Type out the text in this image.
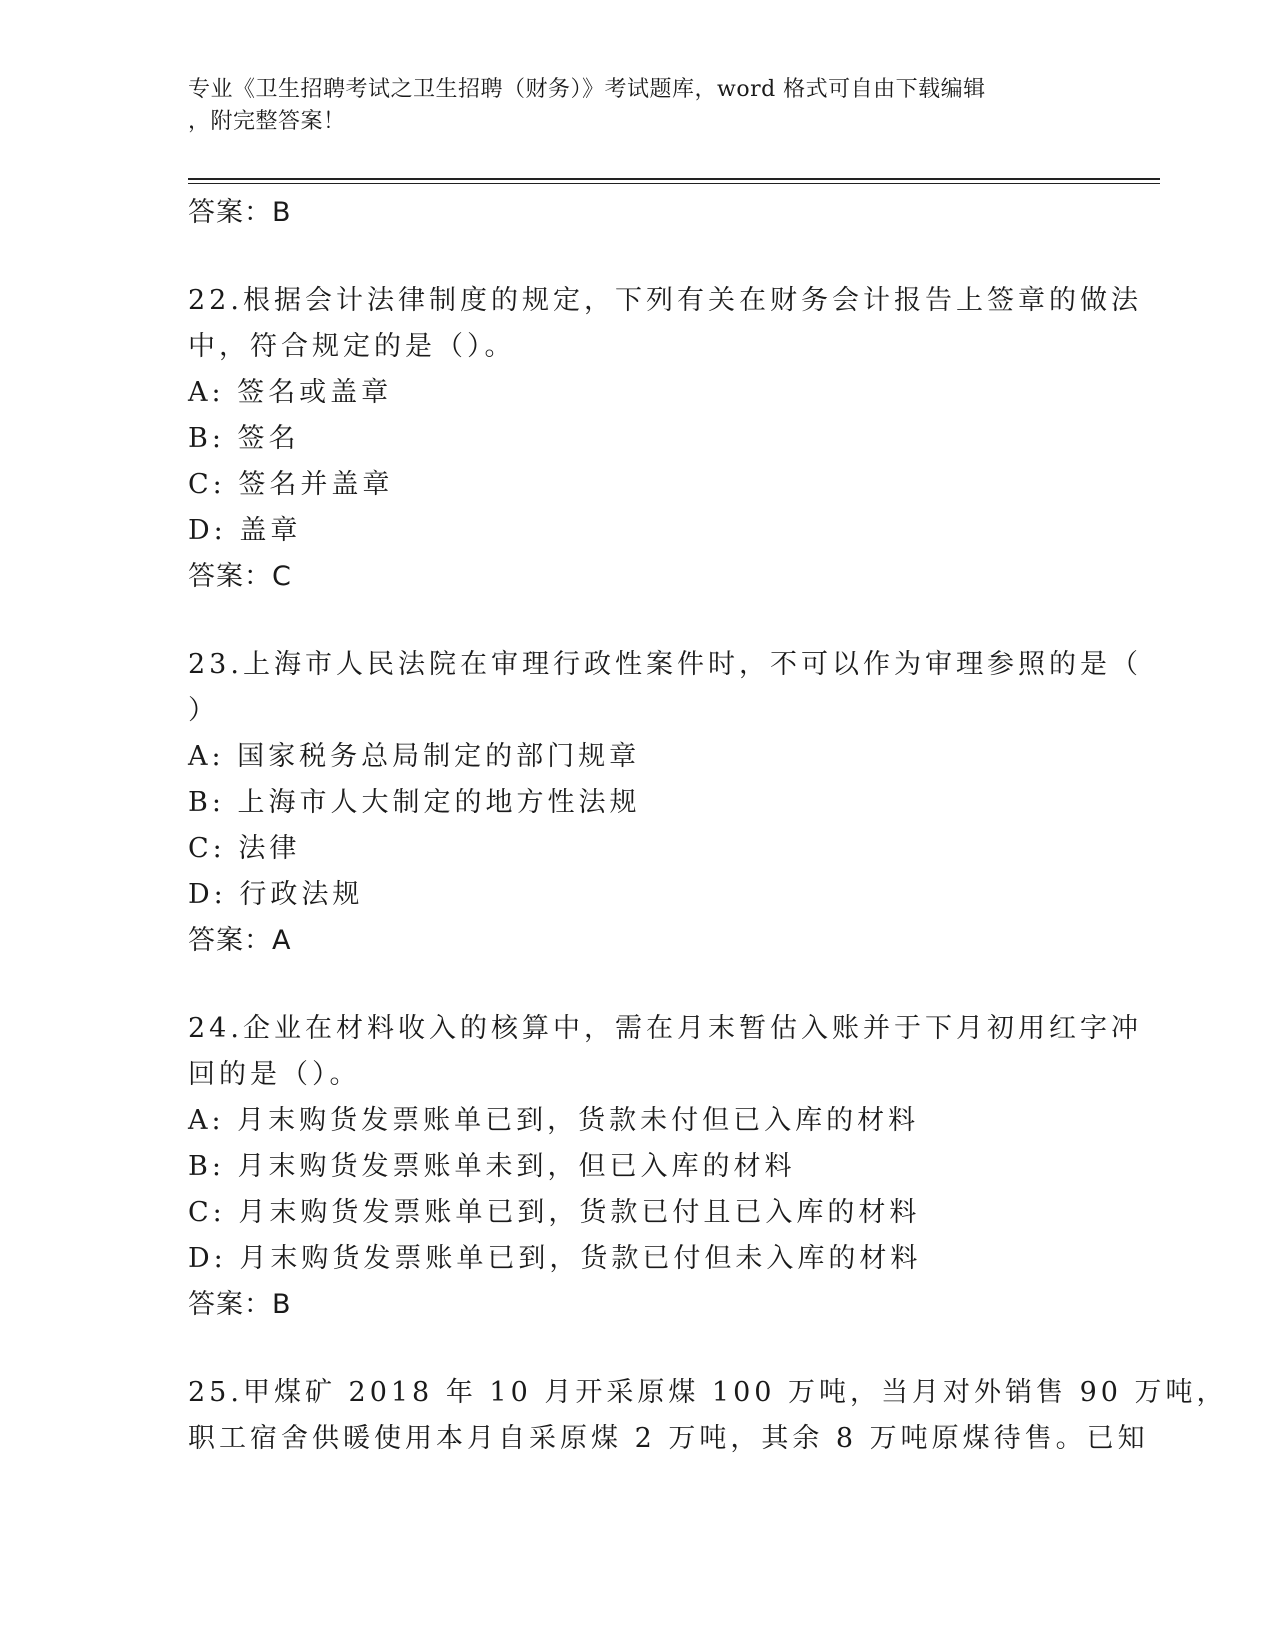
专业《卫生招聘考试之卫生招聘（财务）》考试题库，word 格式可自由下载编辑
，附完整答案！
答案：B
22.根据会计法律制度的规定，下列有关在财务会计报告上签章的做法
中，符合规定的是（）。
A: 签名或盖章
B: 签名
C: 签名并盖章
D: 盖章
答案：C
23.上海市人民法院在审理行政性案件时，不可以作为审理参照的是（
）
A: 国家税务总局制定的部门规章
B: 上海市人大制定的地方性法规
C: 法律
D: 行政法规
答案：A
24.企业在材料收入的核算中，需在月末暂估入账并于下月初用红字冲
回的是（）。
A: 月末购货发票账单已到，货款未付但已入库的材料
B: 月末购货发票账单未到，但已入库的材料
C: 月末购货发票账单已到，货款已付且已入库的材料
D: 月末购货发票账单已到，货款已付但未入库的材料
答案：B
25.甲煤矿 2018 年 10 月开采原煤 100 万吨，当月对外销售 90 万吨，
职工宿舍供暖使用本月自采原煤 2 万吨，其余 8 万吨原煤待售。已知
